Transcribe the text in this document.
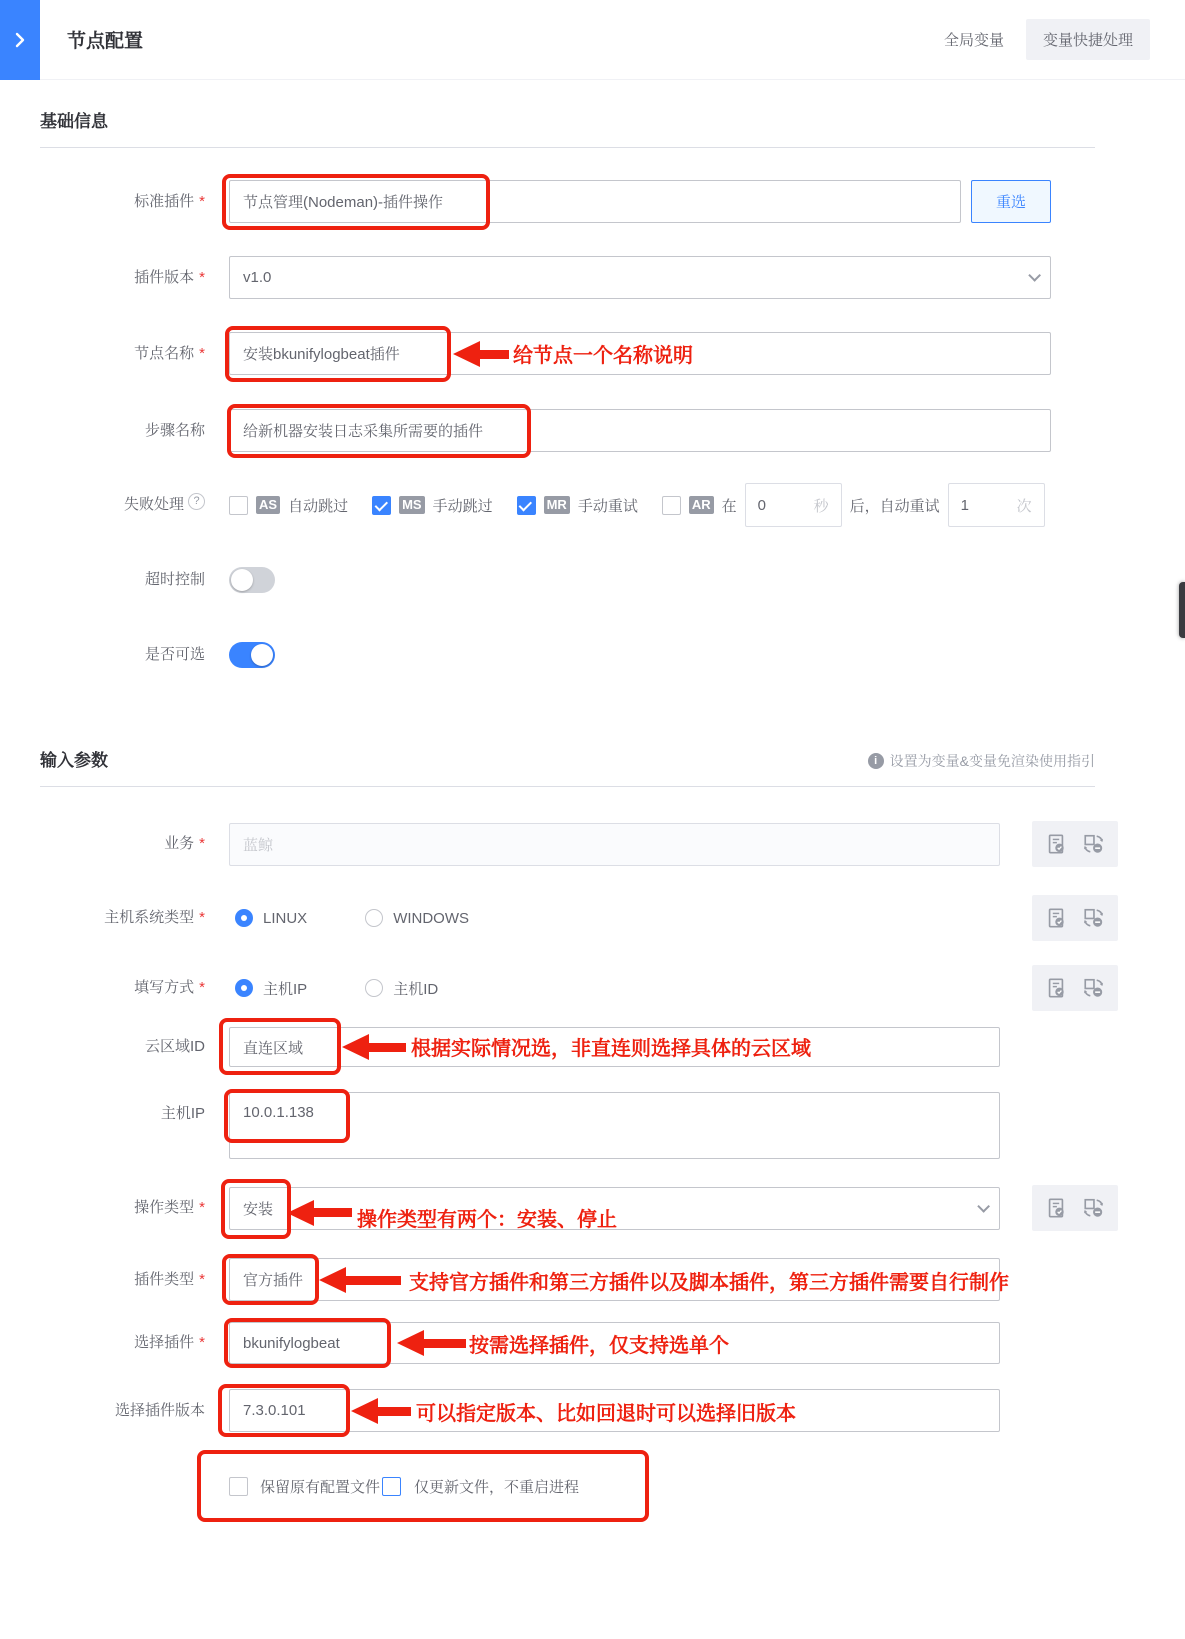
节点配置	全局变量	变量快捷处理
基础信息
标准插件 *	节点管理(Nodeman)-插件操作	重选
插件版本 *	v1.0
节点名称 *	安装bkunifylogbeat插件	给节点一个名称说明
步骤名称	给新机器安装日志采集所需要的插件
失败处理 ?	AS 自动跳过	MS 手动跳过	MR 手动重试	AR 在 0	秒 后，自动重试 1	次
超时控制
是否可选
输入参数	i 设置为变量&变量免渲染使用指引
业务 *	蓝鲸
主机系统类型 *	LINUX	WINDOWS
填写方式 *	主机IP	主机ID
云区域ID	直连区域	根据实际情况选，非直连则选择具体的云区域
主机IP	10.0.1.138
操作类型 *	安装	操作类型有两个：安装、停止
插件类型 *	官方插件	支持官方插件和第三方插件以及脚本插件，第三方插件需要自行制作
选择插件 *	bkunifylogbeat	按需选择插件，仅支持选单个
选择插件版本	7.3.0.101	可以指定版本、比如回退时可以选择旧版本
保留原有配置文件 仅更新文件，不重启进程
